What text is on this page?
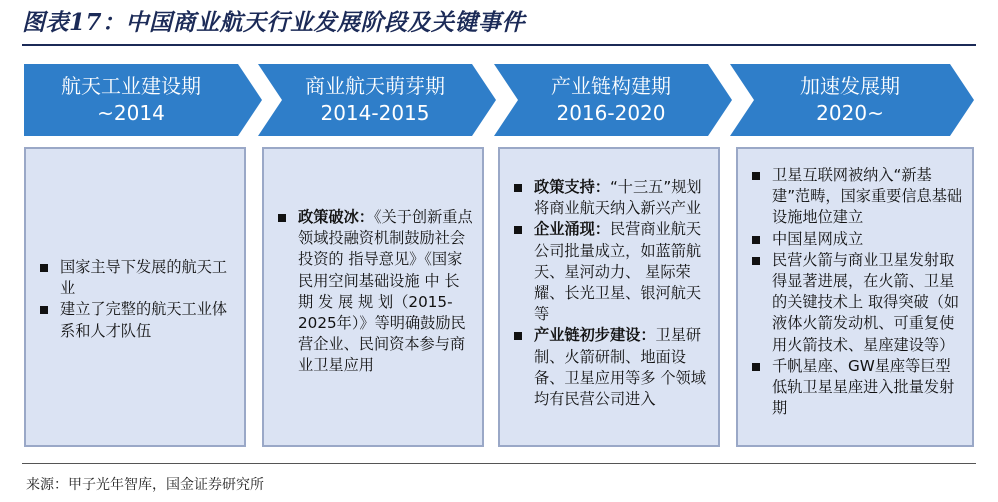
图表17：中国商业航天行业发展阶段及关键事件
航天工业建设期
~2014
商业航天萌芽期
2014-2015
产业链构建期
2016-2020
加速发展期
2020~

国家主导下发展的航天工业

建立了完整的航天工业体系和人才队伍

政策破冰：《关于创新重点领域投融资机制鼓励社会投资的 指导意见》《国家民用空间基础设施 中 长 期 发 展 规 划（2015-2025年）》等明确鼓励民营企业、民间资本参与商 业卫星应用

政策支持：“十三五”规划将商业航天纳入新兴产业

企业涌现：民营商业航天公司批量成立，如蓝箭航天、星河动力、 星际荣耀、长光卫星、银河航天等

产业链初步建设：卫星研制、火箭研制、地面设备、卫星应用等多 个领域均有民营公司进入

卫星互联网被纳入“新基建”范畴，国家重要信息基础设施地位建立

中国星网成立

民营火箭与商业卫星发射取得显著进展，在火箭、卫星的关键技术上 取得突破（如液体火箭发动机、可重复使用火箭技术、星座建设等）

千帆星座、GW星座等巨型低轨卫星星座进入批量发射期

来源：甲子光年智库，国金证券研究所
